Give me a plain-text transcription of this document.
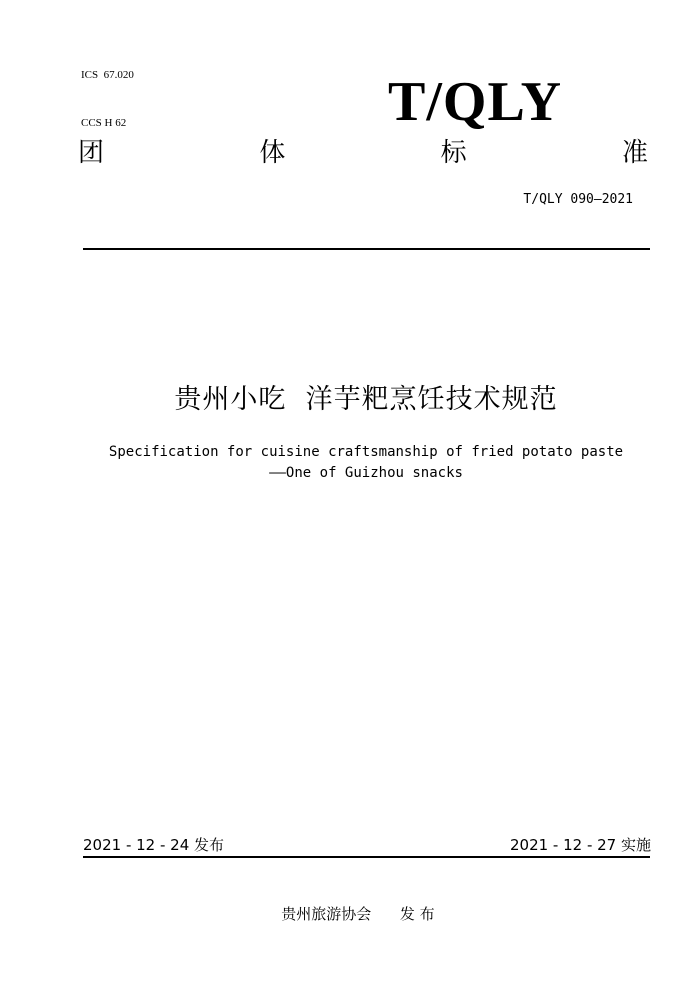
ICS  67.020

CCS H 62	T/QLY
团	体	标	准
T/QLY 090—2021
贵州小吃  洋芋粑烹饪技术规范
Specification for cuisine craftsmanship of fried potato paste
——One of Guizhou snacks
2021 - 12 - 24 发布	2021 - 12 - 27 实施
贵州旅游协会      发 布
